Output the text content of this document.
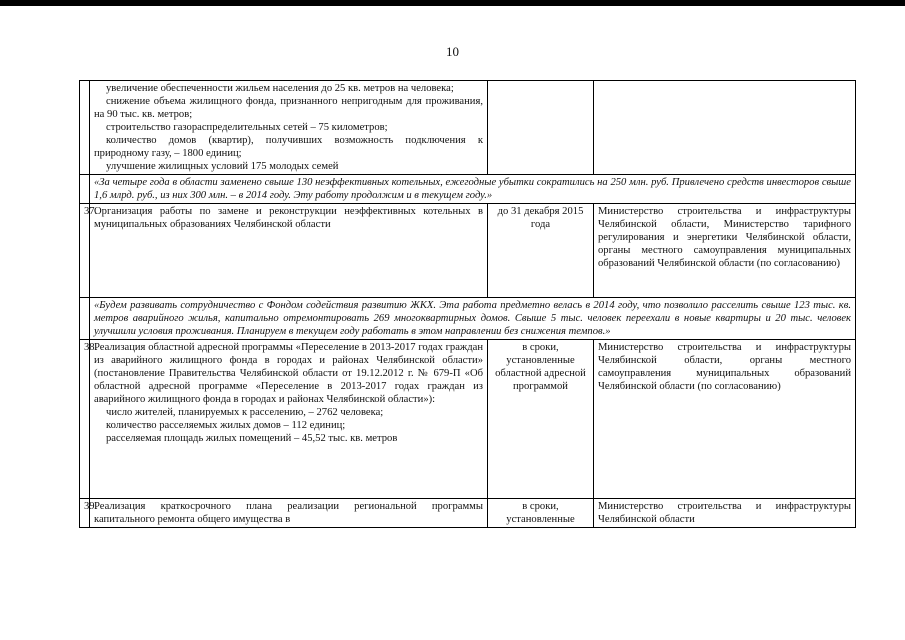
10

	увеличение обеспеченности жильем населения до 25 кв. метров на человека;
снижение объема жилищного фонда, признанного непригодным для проживания, на 90 тыс. кв. метров;
строительство газораспределительных сетей – 75 километров;
количество домов (квартир), получивших возможность подключения к природному газу, – 1800 единиц;
улучшение жилищных условий 175 молодых семей		

	«За четыре года в области заменено свыше 130 неэффективных котельных, ежегодные убытки сократились на 250 млн. руб. Привлечено средств инвесторов свыше 1,6 млрд. руб., из них 300 млн. – в 2014 году. Эту работу продолжим и в текущем году.»		
37.	Организация работы по замене и реконструкции неэффективных котельных в муниципальных образованиях Челябинской области	до 31 декабря 2015 года	Министерство строительства и инфраструктуры Челябинской области, Министерство тарифного регулирования и энергетики Челябинской области, органы местного самоуправления муниципальных образований Челябинской области (по согласованию)
	«Будем развивать сотрудничество с Фондом содействия развитию ЖКХ. Эта работа предметно велась в 2014 году, что позволило расселить свыше 123 тыс. кв. метров аварийного жилья, капитально отремонтировать 269 многоквартирных домов. Свыше 5 тыс. человек переехали в новые квартиры и 20 тыс. человек улучшили условия проживания. Планируем в текущем году работать в этом направлении без снижения темпов.»		
38.	Реализация областной адресной программы «Переселение в 2013-2017 годах граждан из аварийного жилищного фонда в городах и районах Челябинской области» (постановление Правительства Челябинской области от 19.12.2012 г. № 679-П «Об областной адресной программе «Переселение в 2013-2017 годах граждан из аварийного жилищного фонда в городах и районах Челябинской области»):

число жителей, планируемых к расселению, – 2762 человека;
количество расселяемых жилых домов – 112 единиц;
расселяемая площадь жилых помещений – 45,52 тыс. кв. метров	в сроки, установленные областной адресной программой	Министерство строительства и инфраструктуры Челябинской области, органы местного самоуправления муниципальных образований Челябинской области (по согласованию)
39.	Реализация краткосрочного плана реализации региональной программы капитального ремонта общего имущества в	в сроки, установленные	Министерство строительства и инфраструктуры Челябинской области
